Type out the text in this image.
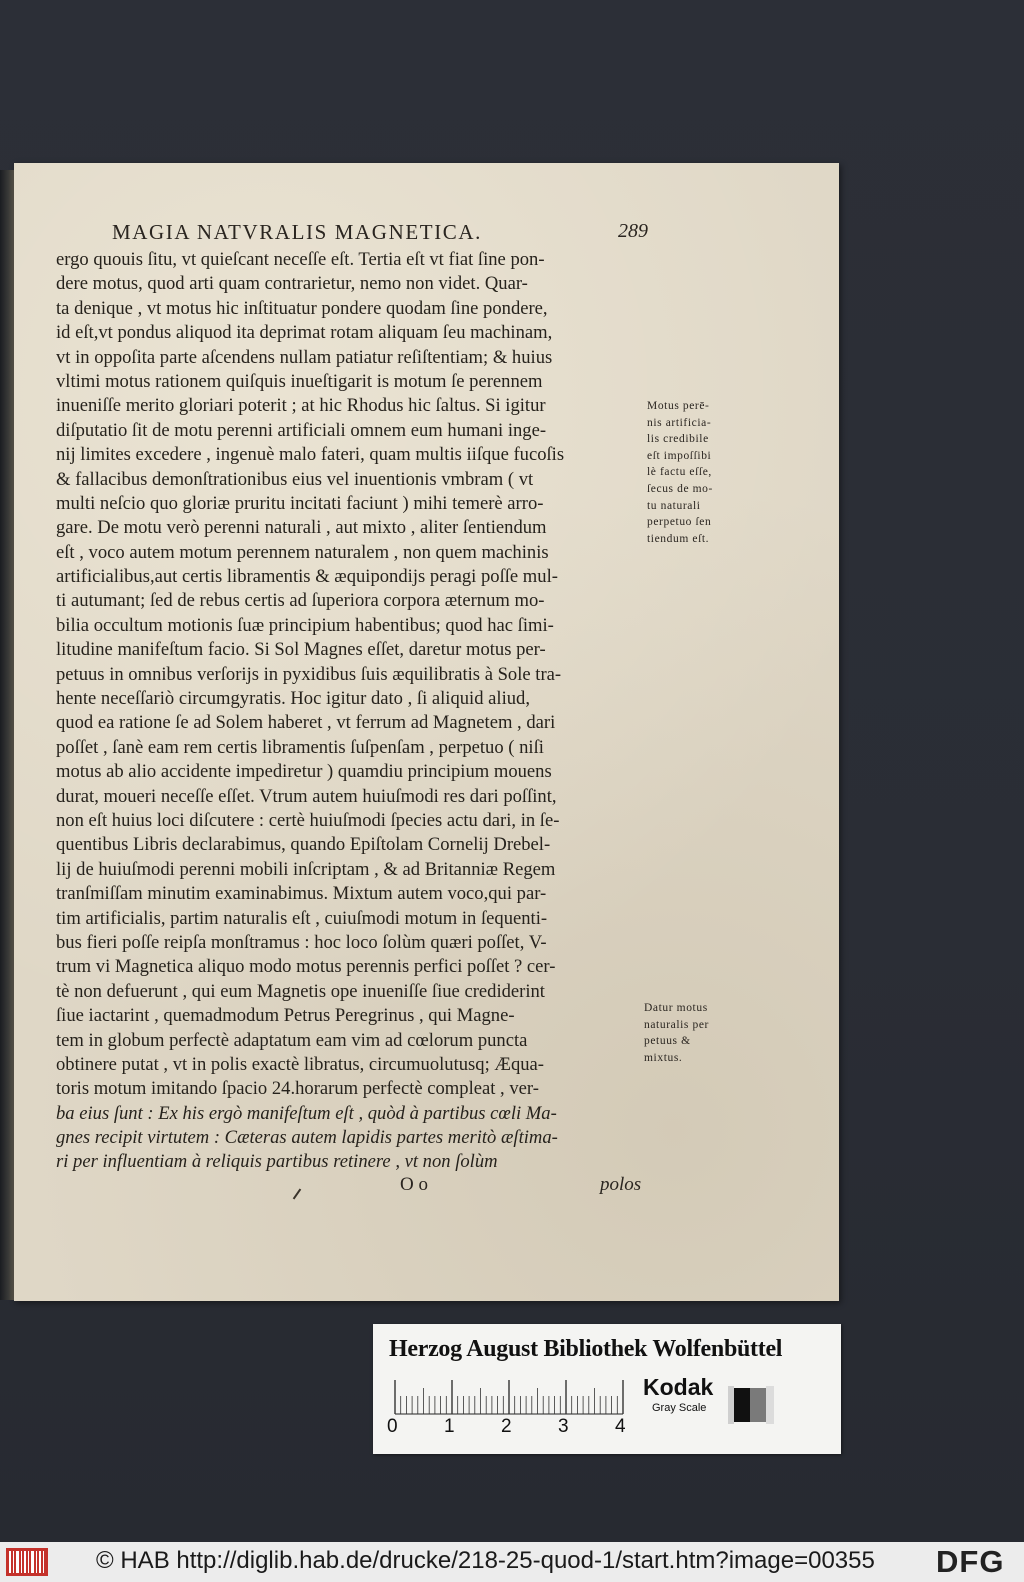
MAGIA NATVRALIS MAGNETICA.	289
ergo quouis ſitu, vt quieſcant neceſſe eſt. Tertia eſt vt fiat ſine pon-
dere motus, quod arti quam contrarietur, nemo non videt. Quar-
ta denique , vt motus hic inſtituatur pondere quodam ſine pondere,
id eſt,vt pondus aliquod ita deprimat rotam aliquam ſeu machinam,
vt in oppoſita parte aſcendens nullam patiatur reſiſtentiam; & huius
vltimi motus rationem quiſquis inueſtigarit is motum ſe perennem
inueniſſe merito gloriari poterit ; at hic Rhodus hic ſaltus. Si igitur
diſputatio ſit de motu perenni artificiali omnem eum humani inge-
nij limites excedere , ingenuè malo fateri, quam multis iiſque fucoſis
& fallacibus demonſtrationibus eius vel inuentionis vmbram ( vt
multi neſcio quo gloriæ pruritu incitati faciunt ) mihi temerè arro-
gare. De motu verò perenni naturali , aut mixto , aliter ſentiendum
eſt , voco autem motum perennem naturalem , non quem machinis
artificialibus,aut certis libramentis & æquipondijs peragi poſſe mul-
ti autumant; ſed de rebus certis ad ſuperiora corpora æternum mo-
bilia occultum motionis ſuæ principium habentibus; quod hac ſimi-
litudine manifeſtum facio. Si Sol Magnes eſſet, daretur motus per-
petuus in omnibus verſorijs in pyxidibus ſuis æquilibratis à Sole tra-
hente neceſſariò circumgyratis. Hoc igitur dato , ſi aliquid aliud,
quod ea ratione ſe ad Solem haberet , vt ferrum ad Magnetem , dari
poſſet , ſanè eam rem certis libramentis ſuſpenſam , perpetuo ( niſi
motus ab alio accidente impediretur ) quamdiu principium mouens
durat, moueri neceſſe eſſet. Vtrum autem huiuſmodi res dari poſſint,
non eſt huius loci diſcutere : certè huiuſmodi ſpecies actu dari, in ſe-
quentibus Libris declarabimus, quando Epiſtolam Cornelij Drebel-
lij de huiuſmodi perenni mobili inſcriptam , & ad Britanniæ Regem
tranſmiſſam minutim examinabimus. Mixtum autem voco,qui par-
tim artificialis, partim naturalis eſt , cuiuſmodi motum in ſequenti-
bus fieri poſſe reipſa monſtramus : hoc loco ſolùm quæri poſſet, V-
trum vi Magnetica aliquo modo motus perennis perfici poſſet ? cer-
tè non defuerunt , qui eum Magnetis ope inueniſſe ſiue crediderint
ſiue iactarint , quemadmodum Petrus Peregrinus , qui Magne-
tem in globum perfectè adaptatum eam vim ad cœlorum puncta
obtinere putat , vt in polis exactè libratus, circumuolutusq; Æqua-
toris motum imitando ſpacio 24.horarum perfectè compleat , ver-
ba eius ſunt : Ex his ergò manifeſtum eſt , quòd à partibus cœli Ma-
gnes recipit virtutem : Cæteras autem lapidis partes meritò æſtima-
ri per influentiam à reliquis partibus retinere , vt non ſolùm
Motus perē-
nis artificia-
lis credibile
eſt impoſſibi
lè factu eſſe,
ſecus de mo-
tu naturali
perpetuo ſen
tiendum eſt.
Datur motus
naturalis per
petuus &
mixtus.
O o	polos
Herzog August Bibliothek Wolfenbüttel
0 1 2 3 4
Kodak
Gray Scale
© HAB http://diglib.hab.de/drucke/218-25-quod-1/start.htm?image=00355	DFG
